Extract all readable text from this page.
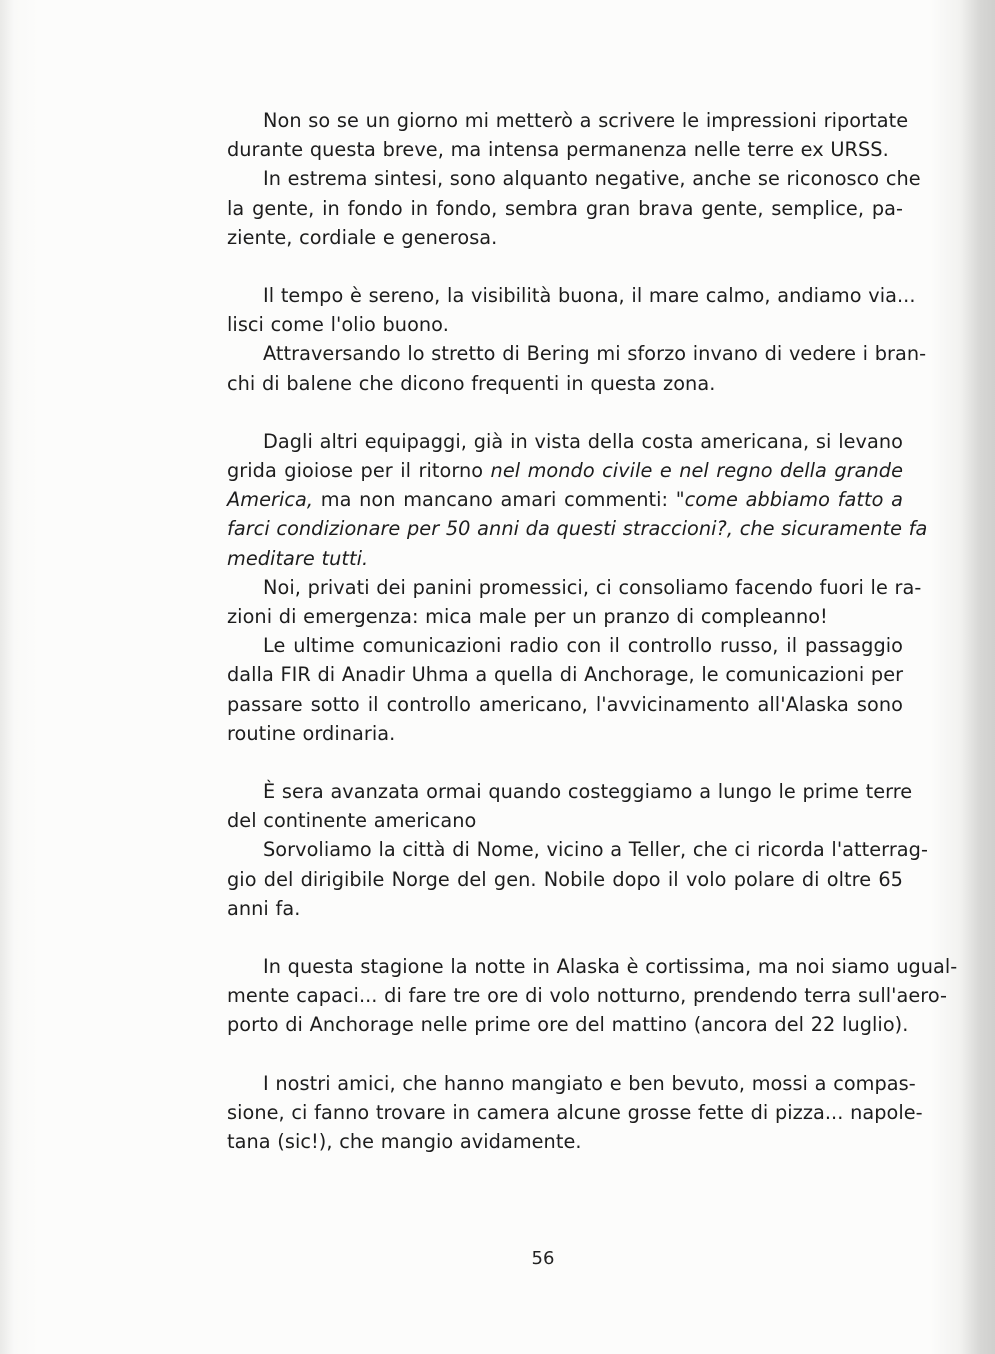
Non so se un giorno mi metterò a scrivere le impressioni riportate
durante questa breve, ma intensa permanenza nelle terre ex URSS.
In estrema sintesi, sono alquanto negative, anche se riconosco che
la gente, in fondo in fondo, sembra gran brava gente, semplice, pa-
ziente, cordiale e generosa.
Il tempo è sereno, la visibilità buona, il mare calmo, andiamo via...
lisci come l'olio buono.
Attraversando lo stretto di Bering mi sforzo invano di vedere i bran-
chi di balene che dicono frequenti in questa zona.
Dagli altri equipaggi, già in vista della costa americana, si levano
grida gioiose per il ritorno nel mondo civile e nel regno della grande
America, ma non mancano amari commenti: "come abbiamo fatto a
farci condizionare per 50 anni da questi straccioni?, che sicuramente fa
meditare tutti.
Noi, privati dei panini promessici, ci consoliamo facendo fuori le ra-
zioni di emergenza: mica male per un pranzo di compleanno!
Le ultime comunicazioni radio con il controllo russo, il passaggio
dalla FIR di Anadir Uhma a quella di Anchorage, le comunicazioni per
passare sotto il controllo americano, l'avvicinamento all'Alaska sono
routine ordinaria.
È sera avanzata ormai quando costeggiamo a lungo le prime terre
del continente americano
Sorvoliamo la città di Nome, vicino a Teller, che ci ricorda l'atterrag-
gio del dirigibile Norge del gen. Nobile dopo il volo polare di oltre 65
anni fa.
In questa stagione la notte in Alaska è cortissima, ma noi siamo ugual-
mente capaci... di fare tre ore di volo notturno, prendendo terra sull'aero-
porto di Anchorage nelle prime ore del mattino (ancora del 22 luglio).
I nostri amici, che hanno mangiato e ben bevuto, mossi a compas-
sione, ci fanno trovare in camera alcune grosse fette di pizza... napole-
tana (sic!), che mangio avidamente.
56
